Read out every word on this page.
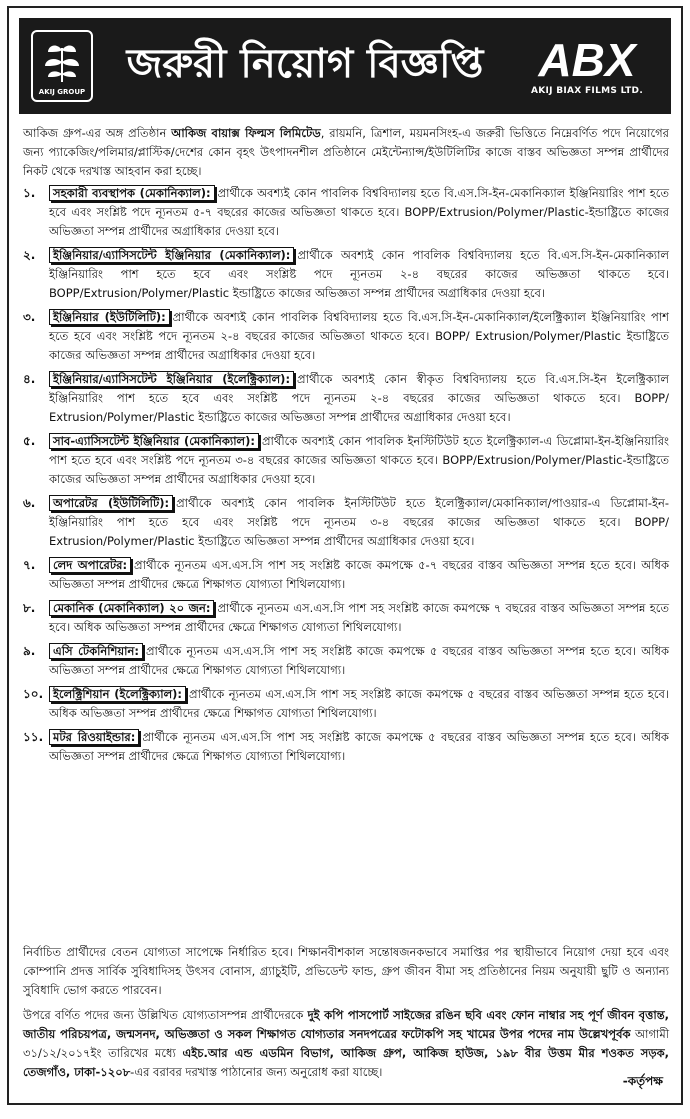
AKIJ GROUP
জরুরী নিয়োগ বিজ্ঞপ্তি ABX
AKIJ BIAX FILMS LTD.
আকিজ গ্রুপ-এর অঙ্গ প্রতিষ্ঠান আকিজ বায়াক্স ফিল্মস লিমিটেড, রায়মনি, ত্রিশাল, ময়মনসিংহ-এ জরুরী ভিত্তিতে নিম্নেবর্ণিত পদে নিয়োগের জন্য প্যাকেজিং/পলিমার/প্লাস্টিক/দেশের কোন বৃহৎ উৎপাদনশীল প্রতিষ্ঠানে মেইন্টেন্যান্স/ইউটিলিটির কাজে বাস্তব অভিজ্ঞতা সম্পন্ন প্রার্থীদের নিকট থেকে দরখাস্ত আহবান করা হচ্ছে।
১.	সহকারী ব্যবস্থাপক (মেকানিক্যাল): প্রার্থীকে অবশ্যই কোন পাবলিক বিশ্ববিদ্যালয় হতে বি.এস.সি-ইন-মেকানিক্যাল ইঞ্জিনিয়ারিং পাশ হতে হবে এবং সংশ্লিষ্ট পদে ন্যূনতম ৫-৭ বছরের কাজের অভিজ্ঞতা থাকতে হবে। BOPP/Extrusion/Polymer/Plastic-ইন্ডাষ্ট্রিতে কাজের অভিজ্ঞতা সম্পন্ন প্রার্থীদের অগ্রাধিকার দেওয়া হবে।
২.	ইঞ্জিনিয়ার/এ্যাসিসটেন্ট ইঞ্জিনিয়ার (মেকানিক্যাল): প্রার্থীকে অবশ্যই কোন পাবলিক বিশ্ববিদ্যালয় হতে বি.এস.সি-ইন-মেকানিক্যাল ইঞ্জিনিয়ারিং পাশ হতে হবে এবং সংশ্লিষ্ট পদে ন্যূনতম ২-৪ বছরের কাজের অভিজ্ঞতা থাকতে হবে। BOPP/Extrusion/Polymer/Plastic ইন্ডাষ্ট্রিতে কাজের অভিজ্ঞতা সম্পন্ন প্রার্থীদের অগ্রাধিকার দেওয়া হবে।
৩.	ইঞ্জিনিয়ার (ইউটিলিটি): প্রার্থীকে অবশ্যই কোন পাবলিক বিশ্ববিদ্যালয় হতে বি.এস.সি-ইন-মেকানিক্যাল/ইলেক্ট্রিক্যাল ইঞ্জিনিয়ারিং পাশ হতে হবে এবং সংশ্লিষ্ট পদে ন্যূনতম ২-৪ বছরের কাজের অভিজ্ঞতা থাকতে হবে। BOPP/ Extrusion/Polymer/Plastic ইন্ডাষ্ট্রিতে কাজের অভিজ্ঞতা সম্পন্ন প্রার্থীদের অগ্রাধিকার দেওয়া হবে।
৪.	ইঞ্জিনিয়ার/এ্যাসিসটেন্ট ইঞ্জিনিয়ার (ইলেক্ট্রিক্যাল): প্রার্থীকে অবশ্যই কোন স্বীকৃত বিশ্ববিদ্যালয় হতে বি.এস.সি-ইন ইলেক্ট্রিক্যাল ইঞ্জিনিয়ারিং পাশ হতে হবে এবং সংশ্লিষ্ট পদে ন্যূনতম ২-৪ বছরের কাজের অভিজ্ঞতা থাকতে হবে। BOPP/ Extrusion/Polymer/Plastic ইন্ডাষ্ট্রিতে কাজের অভিজ্ঞতা সম্পন্ন প্রার্থীদের অগ্রাধিকার দেওয়া হবে।
৫.	সাব-এ্যাসিসটেন্ট ইঞ্জিনিয়ার (মেকানিক্যাল): প্রার্থীকে অবশ্যই কোন পাবলিক ইনস্টিটিউট হতে ইলেক্ট্রিক্যাল-এ ডিপ্লোমা-ইন-ইঞ্জিনিয়ারিং পাশ হতে হবে এবং সংশ্লিষ্ট পদে ন্যূনতম ৩-৪ বছরের কাজের অভিজ্ঞতা থাকতে হবে। BOPP/Extrusion/Polymer/Plastic-ইন্ডাষ্ট্রিতে কাজের অভিজ্ঞতা সম্পন্ন প্রার্থীদের অগ্রাধিকার দেওয়া হবে।
৬.	অপারেটর (ইউটিলিটি): প্রার্থীকে অবশ্যই কোন পাবলিক ইনস্টিটিউট হতে ইলেক্ট্রিক্যাল/মেকানিক্যাল/পাওয়ার-এ ডিপ্লোমা-ইন-ইঞ্জিনিয়ারিং পাশ হতে হবে এবং সংশ্লিষ্ট পদে ন্যূনতম ৩-৪ বছরের কাজের অভিজ্ঞতা থাকতে হবে। BOPP/ Extrusion/Polymer/Plastic ইন্ডাষ্ট্রিতে অভিজ্ঞতা সম্পন্ন প্রার্থীদের অগ্রাধিকার দেওয়া হবে।
৭.	লেদ অপারেটর: প্রার্থীকে ন্যূনতম এস.এস.সি পাশ সহ সংশ্লিষ্ট কাজে কমপক্ষে ৫-৭ বছরের বাস্তব অভিজ্ঞতা সম্পন্ন হতে হবে। অধিক অভিজ্ঞতা সম্পন্ন প্রার্থীদের ক্ষেত্রে শিক্ষাগত যোগ্যতা শিথিলযোগ্য।
৮.	মেকানিক (মেকানিক্যাল) ২০ জন: প্রার্থীকে ন্যূনতম এস.এস.সি পাশ সহ সংশ্লিষ্ট কাজে কমপক্ষে ৭ বছরের বাস্তব অভিজ্ঞতা সম্পন্ন হতে হবে। অধিক অভিজ্ঞতা সম্পন্ন প্রার্থীদের ক্ষেত্রে শিক্ষাগত যোগ্যতা শিথিলযোগ্য।
৯.	এসি টেকনিশিয়ান: প্রার্থীকে ন্যূনতম এস.এস.সি পাশ সহ সংশ্লিষ্ট কাজে কমপক্ষে ৫ বছরের বাস্তব অভিজ্ঞতা সম্পন্ন হতে হবে। অধিক অভিজ্ঞতা সম্পন্ন প্রার্থীদের ক্ষেত্রে শিক্ষাগত যোগ্যতা শিথিলযোগ্য।
১০. ইলেক্ট্রিশিয়ান (ইলেক্ট্রিক্যাল): প্রার্থীকে ন্যূনতম এস.এস.সি পাশ সহ সংশ্লিষ্ট কাজে কমপক্ষে ৫ বছরের বাস্তব অভিজ্ঞতা সম্পন্ন হতে হবে। অধিক অভিজ্ঞতা সম্পন্ন প্রার্থীদের ক্ষেত্রে শিক্ষাগত যোগ্যতা শিথিলযোগ্য।
১১. মটর রিওয়াইন্ডার: প্রার্থীকে ন্যূনতম এস.এস.সি পাশ সহ সংশ্লিষ্ট কাজে কমপক্ষে ৫ বছরের বাস্তব অভিজ্ঞতা সম্পন্ন হতে হবে। অধিক অভিজ্ঞতা সম্পন্ন প্রার্থীদের ক্ষেত্রে শিক্ষাগত যোগ্যতা শিথিলযোগ্য।

নির্বাচিত প্রার্থীদের বেতন যোগ্যতা সাপেক্ষে নির্ধারিত হবে। শিক্ষানবীশকাল সন্তোষজনকভাবে সমাপ্তির পর স্থায়ীভাবে নিয়োগ দেয়া হবে এবং কোম্পানি প্রদত্ত সার্বিক সুবিধাদিসহ উৎসব বোনাস, গ্র্যাচুইটি, প্রভিডেন্ট ফান্ড, গ্রুপ জীবন বীমা সহ প্রতিষ্ঠানের নিয়ম অনুযায়ী ছুটি ও অন্যান্য সুবিধাদি ভোগ করতে পারবেন।

উপরে বর্ণিত পদের জন্য উল্লিখিত যোগ্যতাসম্পন্ন প্রার্থীদেরকে দুই কপি পাসপোর্ট সাইজের রঙিন ছবি এবং ফোন নাম্বার সহ পূর্ণ জীবন বৃত্তান্ত, জাতীয় পরিচয়পত্র, জন্মসনদ, অভিজ্ঞতা ও সকল শিক্ষাগত যোগ্যতার সনদপত্রের ফটোকপি সহ খামের উপর পদের নাম উল্লেখপূর্বক আগামী ৩১/১২/২০১৭ইং তারিখের মধ্যে এইচ.আর এন্ড এডমিন বিভাগ, আকিজ গ্রুপ, আকিজ হাউজ, ১৯৮ বীর উত্তম মীর শওকত সড়ক, তেজগাঁও, ঢাকা-১২০৮-এর বরাবর দরখাস্ত পাঠানোর জন্য অনুরোধ করা যাচ্ছে।

-কর্তৃপক্ষ
